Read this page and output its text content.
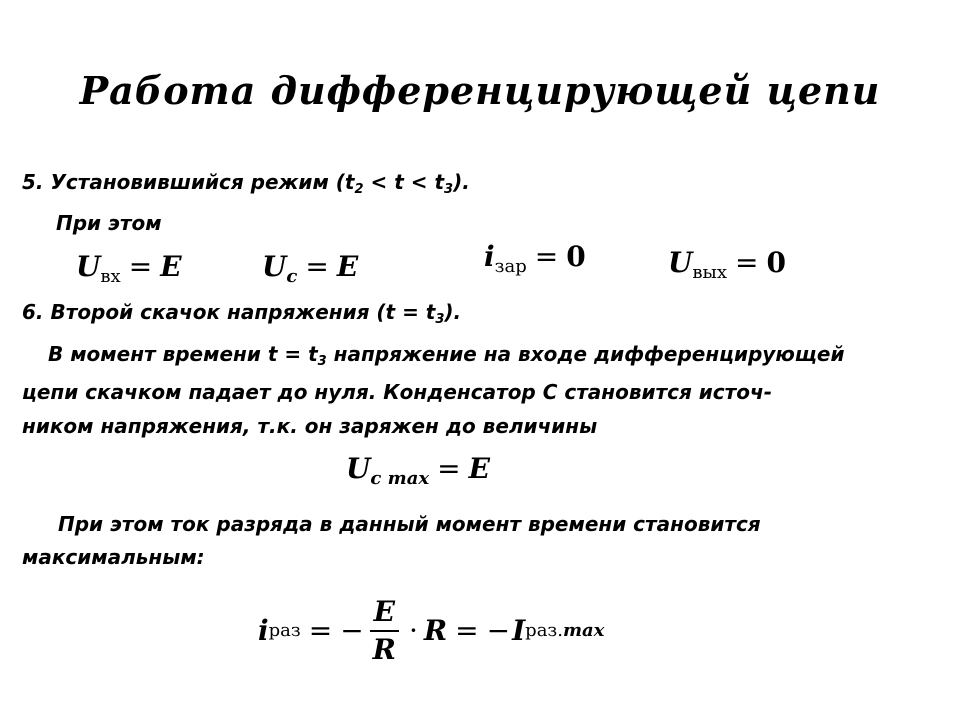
Работа дифференцирующей цепи
5. Установившийся режим $(t_2 < t < t_3)$.
При этом
$U_{вх} = E$	$U_c = E$	$i_{зар} = 0$	$U_{вых} = 0$
6. Второй скачок напряжения $(t = t_3)$.
В момент времени $t = t_3$ напряжение на входе дифференцирующей
цепи скачком падает до нуля. Конденсатор С становится источ-
ником напряжения, т.к. он заряжен до величины
$U_{c max} = E$
При этом ток разряда в данный момент времени становится
максимальным:
i раз = − $\frac{E}{R} \cdot R$ = − I раз. max
